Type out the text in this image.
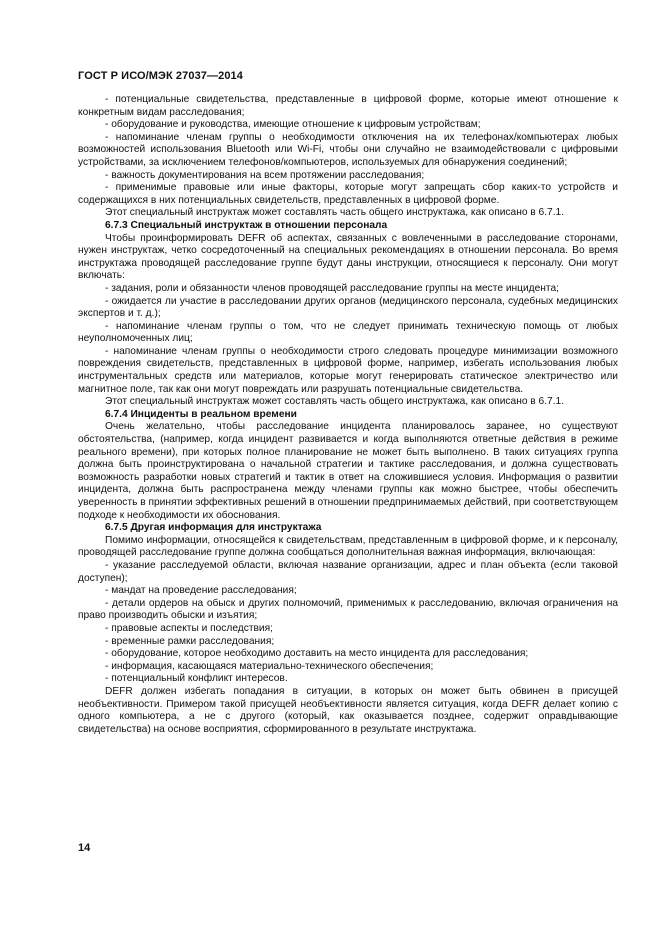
ГОСТ Р ИСО/МЭК 27037—2014

- потенциальные свидетельства, представленные в цифровой форме, которые имеют отношение к конкретным видам расследования;

- оборудование и руководства, имеющие отношение к цифровым устройствам;

- напоминание членам группы о необходимости отключения на их телефонах/компьютерах любых возможностей использования Bluetooth или Wi-Fi, чтобы они случайно не взаимодействовали с цифровыми устройствами, за исключением телефонов/компьютеров, используемых для обнаружения соединений;

- важность документирования на всем протяжении расследования;

- применимые правовые или иные факторы, которые могут запрещать сбор каких-то устройств и содержащихся в них потенциальных свидетельств, представленных в цифровой форме.

Этот специальный инструктаж может составлять часть общего инструктажа, как описано в 6.7.1.

6.7.3 Специальный инструктаж в отношении персонала

Чтобы проинформировать DEFR об аспектах, связанных с вовлеченными в расследование сторонами, нужен инструктаж, четко сосредоточенный на специальных рекомендациях в отношении персонала. Во время инструктажа проводящей расследование группе будут даны инструкции, относящиеся к персоналу. Они могут включать:

- задания, роли и обязанности членов проводящей расследование группы на месте инцидента;

- ожидается ли участие в расследовании других органов (медицинского персонала, судебных медицинских экспертов и т. д.);

- напоминание членам группы о том, что не следует принимать техническую помощь от любых неуполномоченных лиц;

- напоминание членам группы о необходимости строго следовать процедуре минимизации возможного повреждения свидетельств, представленных в цифровой форме, например, избегать использования любых инструментальных средств или материалов, которые могут генерировать статическое электричество или магнитное поле, так как они могут повреждать или разрушать потенциальные свидетельства.

Этот специальный инструктаж может составлять часть общего инструктажа, как описано в 6.7.1.

6.7.4 Инциденты в реальном времени

Очень желательно, чтобы расследование инцидента планировалось заранее, но существуют обстоятельства, (например, когда инцидент развивается и когда выполняются ответные действия в режиме реального времени), при которых полное планирование не может быть выполнено. В таких ситуациях группа должна быть проинструктирована о начальной стратегии и тактике расследования, и должна существовать возможность разработки новых стратегий и тактик в ответ на сложившиеся условия. Информация о развитии инцидента, должна быть распространена между членами группы как можно быстрее, чтобы обеспечить уверенность в принятии эффективных решений в отношении предпринимаемых действий, при соответствующем подходе к необходимости их обоснования.

6.7.5 Другая информация для инструктажа

Помимо информации, относящейся к свидетельствам, представленным в цифровой форме, и к персоналу, проводящей расследование группе должна сообщаться дополнительная важная информация, включающая:

- указание расследуемой области, включая название организации, адрес и план объекта (если таковой доступен);

- мандат на проведение расследования;

- детали ордеров на обыск и других полномочий, применимых к расследованию, включая ограничения на право производить обыски и изъятия;

- правовые аспекты и последствия;

- временные рамки расследования;

- оборудование, которое необходимо доставить на место инцидента для расследования;

- информация, касающаяся материально-технического обеспечения;

- потенциальный конфликт интересов.

DEFR должен избегать попадания в ситуации, в которых он может быть обвинен в присущей необъективности. Примером такой присущей необъективности является ситуация, когда DEFR делает копию с одного компьютера, а не с другого (который, как оказывается позднее, содержит оправдывающие свидетельства) на основе восприятия, сформированного в результате инструктажа.

14
